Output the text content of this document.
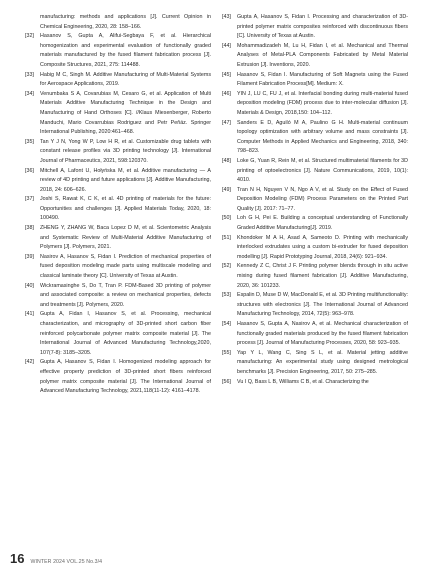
manufacturing: methods and applications [J]. Current Opinion in Chemical Engineering, 2020, 28: 158–166.
[32] Hasanov S, Gupta A, Alifui-Segbaya F, et al. Hierarchical homogenization and experimental evaluation of functionally graded materials manufactured by the fused filament fabrication process [J]. Composite Structures, 2021, 275: 114488.
[33] Habig M C, Singh M. Additive Manufacturing of Multi-Material Systems for Aerospace Applications, 2019.
[34] Venumbaka S A, Covarubias M, Cesaro G, et al. Application of Multi Materials Additive Manufacturing Technique in the Design and Manufacturing of Hand Orthoses [C]. //Klaus Miesenberger, Roberto Manduchi, Mario Covarrubias Rodriguez and Petr Peňáz. Springer International Publishing, 2020:461–468.
[35] Tan Y J N, Yong W P, Low H R, et al. Customizable drug tablets with constant release profiles via 3D printing technology [J]. International Journal of Pharmaceutics, 2021, 598:120370.
[36] Mitchell A, Lafont U, Hołyńska M, et al. Additive manufacturing — A review of 4D printing and future applications [J]. Additive Manufacturing, 2018, 24: 606–626.
[37] Joshi S, Rawat K, C K, et al. 4D printing of materials for the future: Opportunities and challenges [J]. Applied Materials Today, 2020, 18: 100490.
[38] ZHENG Y, ZHANG W, Baca Lopez D M, et al. Scientometric Analysis and Systematic Review of Multi-Material Additive Manufacturing of Polymers [J]. Polymers, 2021.
[39] Nasirov A, Hasanov S, Fidan I. Prediction of mechanical properties of fused deposition modeling made parts using multiscale modeling and classical laminate theory [C]. University of Texas at Austin.
[40] Wickramasinghe S, Do T, Tran P. FDM-Based 3D printing of polymer and associated composite: a review on mechanical properties, defects and treatments [J]. Polymers, 2020.
[41] Gupta A, Fidan I, Hasanov S, et al. Processing, mechanical characterization, and micrography of 3D-printed short carbon fiber reinforced polycarbonate polymer matrix composite material [J]. The International Journal of Advanced Manufacturing Technology,2020, 107(7-8): 3185–3205.
[42] Gupta A, Hasanov S, Fidan I. Homogenized modeling approach for effective property prediction of 3D-printed short fibers reinforced polymer matrix composite material [J]. The International Journal of Advanced Manufacturing Technology, 2021,118(11-12): 4161–4178.
[43] Gupta A, Hasanov S, Fidan I. Processing and characterization of 3D-printed polymer matrix composites reinforced with discontinuous fibers [C]. University of Texas at Austin.
[44] Mohammadizadeh M, Lu H, Fidan I, et al. Mechanical and Thermal Analyses of Metal-PLA Components Fabricated by Metal Material Extrusion [J]. Inventions, 2020.
[45] Hasanov S, Fidan I. Manufacturing of Soft Magnets using the Fused Filament Fabrication Process[M]. Medium: X.
[46] YIN J, LU C, FU J, et al. Interfacial bonding during multi-material fused deposition modeling (FDM) process due to inter-molecular diffusion [J]. Materials & Design, 2018,150: 104–112.
[47] Sanders E D, Aguiló M A, Paulino G H. Multi-material continuum topology optimization with arbitrary volume and mass constraints [J]. Computer Methods in Applied Mechanics and Engineering, 2018, 340: 798–823.
[48] Loke G, Yuan R, Rein M, et al. Structured multimaterial filaments for 3D printing of optoelectronics [J]. Nature Communications, 2019, 10(1): 4010.
[49] Tran N H, Nguyen V N, Ngo A V, et al. Study on the Effect of Fused Deposition Modeling (FDM) Process Parameters on the Printed Part Quality [J]. 2017: 71–77.
[50] Loh G H, Pei E. Building a conceptual understanding of Functionally Graded Additive Manufacturing[J]. 2019.
[51] Khondoker M A H, Asad A, Sameoto D. Printing with mechanically interlocked extrudates using a custom bi-extruder for fused deposition modelling [J]. Rapid Prototyping Journal, 2018, 24(6): 921–934.
[52] Kennedy Z C, Christ J F. Printing polymer blends through in situ active mixing during fused filament fabrication [J]. Additive Manufacturing, 2020, 36: 101233.
[53] Espalin D, Muse D W, MacDonald E, et al. 3D Printing multifunctionality: structures with electronics [J]. The International Journal of Advanced Manufacturing Technology, 2014, 72(5): 963–978.
[54] Hasanov S, Gupta A, Nasirov A, et al. Mechanical characterization of functionally graded materials produced by the fused filament fabrication process [J]. Journal of Manufacturing Processes, 2020, 58: 923–935.
[55] Yap Y L, Wang C, Sing S L, et al. Material jetting additive manufacturing: An experimental study using designed metrological benchmarks [J]. Precision Engineering, 2017, 50: 275–285.
[56] Vu I Q, Bass L B, Williams C B, et al. Characterizing the
16 WINTER 2024 VOL.25 No.3/4
